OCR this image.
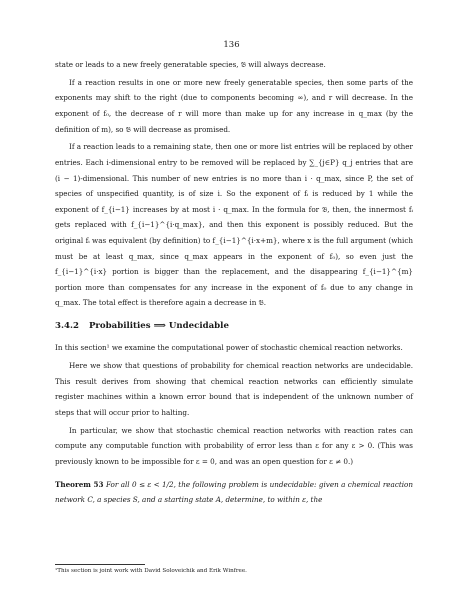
136

state or leads to a new freely generatable species, 𝔅 will always decrease.

If a reaction results in one or more new freely generatable species, then some parts of the exponents may shift to the right (due to components becoming ∞), and r will decrease. In the exponent of f₀, the decrease of r will more than make up for any increase in q_max (by the definition of m), so 𝔅 will decrease as promised.

If a reaction leads to a remaining state, then one or more list entries will be replaced by other entries. Each i-dimensional entry to be removed will be replaced by ∑_{j∈P} q_j entries that are (i − 1)-dimensional. This number of new entries is no more than i · q_max, since P, the set of species of unspecified quantity, is of size i. So the exponent of fᵢ is reduced by 1 while the exponent of f_{i−1} increases by at most i · q_max. In the formula for 𝔅, then, the innermost fᵢ gets replaced with f_{i−1}^{i·q_max}, and then this exponent is possibly reduced. But the original fᵢ was equivalent (by definition) to f_{i−1}^{i·x+m}, where x is the full argument (which must be at least q_max, since q_max appears in the exponent of f₀), so even just the f_{i−1}^{i·x} portion is bigger than the replacement, and the disappearing f_{i−1}^{m} portion more than compensates for any increase in the exponent of f₀ due to any change in q_max. The total effect is therefore again a decrease in 𝔅.

3.4.2 Probabilities ⟹ Undecidable

In this section¹ we examine the computational power of stochastic chemical reaction networks.

Here we show that questions of probability for chemical reaction networks are undecidable. This result derives from showing that chemical reaction networks can efficiently simulate register machines within a known error bound that is independent of the unknown number of steps that will occur prior to halting.

In particular, we show that stochastic chemical reaction networks with reaction rates can compute any computable function with probability of error less than ε for any ε > 0. (This was previously known to be impossible for ε = 0, and was an open question for ε ≠ 0.)

Theorem 53 For all 0 ≤ ε < 1/2, the following problem is undecidable: given a chemical reaction network C, a species S, and a starting state A, determine, to within ε, the

¹This section is joint work with David Soloveichik and Erik Winfree.
